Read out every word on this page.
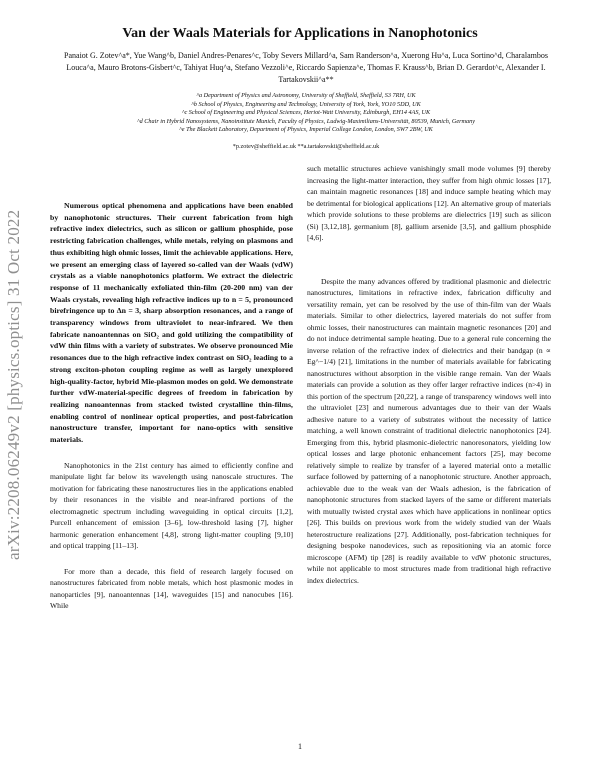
arXiv:2208.06249v2 [physics.optics] 31 Oct 2022
Van der Waals Materials for Applications in Nanophotonics

Panaiot G. Zotev^a*, Yue Wang^b, Daniel Andres-Penares^c, Toby Severs Millard^a, Sam Randerson^a, Xuerong Hu^a, Luca Sortino^d, Charalambos Louca^a, Mauro Brotons-Gisbert^c, Tahiyat Huq^a, Stefano Vezzoli^e, Riccardo Sapienza^e, Thomas F. Krauss^b, Brian D. Gerardot^c, Alexander I. Tartakovskii^a**

^a Department of Physics and Astronomy, University of Sheffield, Sheffield, S3 7RH, UK
^b School of Physics, Engineering and Technology, University of York, York, YO10 5DD, UK
^c School of Engineering and Physical Sciences, Heriot-Watt University, Edinburgh, EH14 4AS, UK
^d Chair in Hybrid Nanosystems, Nanoinstitute Munich, Faculty of Physics, Ludwig-Maximilians-Universität, 80539, Munich, Germany
^e The Blackett Laboratory, Department of Physics, Imperial College London, London, SW7 2BW, UK

*p.zotev@sheffield.ac.uk **a.tartakovskii@sheffield.ac.uk

Numerous optical phenomena and applications have been enabled by nanophotonic structures. Their current fabrication from high refractive index dielectrics, such as silicon or gallium phosphide, pose restricting fabrication challenges, while metals, relying on plasmons and thus exhibiting high ohmic losses, limit the achievable applications. Here, we present an emerging class of layered so-called van der Waals (vdW) crystals as a viable nanophotonics platform. We extract the dielectric response of 11 mechanically exfoliated thin-film (20-200 nm) van der Waals crystals, revealing high refractive indices up to n = 5, pronounced birefringence up to Δn = 3, sharp absorption resonances, and a range of transparency windows from ultraviolet to near-infrared. We then fabricate nanoantennas on SiO₂ and gold utilizing the compatibility of vdW thin films with a variety of substrates. We observe pronounced Mie resonances due to the high refractive index contrast on SiO₂ leading to a strong exciton-photon coupling regime as well as largely unexplored high-quality-factor, hybrid Mie-plasmon modes on gold. We demonstrate further vdW-material-specific degrees of freedom in fabrication by realizing nanoantennas from stacked twisted crystalline thin-films, enabling control of nonlinear optical properties, and post-fabrication nanostructure transfer, important for nano-optics with sensitive materials.

Nanophotonics in the 21st century has aimed to efficiently confine and manipulate light far below its wavelength using nanoscale structures. The motivation for fabricating these nanostructures lies in the applications enabled by their resonances in the visible and near-infrared portions of the electromagnetic spectrum including waveguiding in optical circuits [1,2], Purcell enhancement of emission [3–6], low-threshold lasing [7], higher harmonic generation enhancement [4,8], strong light-matter coupling [9,10] and optical trapping [11–13].

For more than a decade, this field of research largely focused on nanostructures fabricated from noble metals, which host plasmonic modes in nanoparticles [9], nanoantennas [14], waveguides [15] and nanocubes [16]. While

such metallic structures achieve vanishingly small mode volumes [9] thereby increasing the light-matter interaction, they suffer from high ohmic losses [17], can maintain magnetic resonances [18] and induce sample heating which may be detrimental for biological applications [12]. An alternative group of materials which provide solutions to these problems are dielectrics [19] such as silicon (Si) [3,12,18], germanium [8], gallium arsenide [3,5], and gallium phosphide [4,6].

Despite the many advances offered by traditional plasmonic and dielectric nanostructures, limitations in refractive index, fabrication difficulty and versatility remain, yet can be resolved by the use of thin-film van der Waals materials. Similar to other dielectrics, layered materials do not suffer from ohmic losses, their nanostructures can maintain magnetic resonances [20] and do not induce detrimental sample heating. Due to a general rule concerning the inverse relation of the refractive index of dielectrics and their bandgap (n ∝ Eg^−1/4) [21], limitations in the number of materials available for fabricating nanostructures without absorption in the visible range remain. Van der Waals materials can provide a solution as they offer larger refractive indices (n>4) in this portion of the spectrum [20,22], a range of transparency windows well into the ultraviolet [23] and numerous advantages due to their van der Waals adhesive nature to a variety of substrates without the necessity of lattice matching, a well known constraint of traditional dielectric nanophotonics [24]. Emerging from this, hybrid plasmonic-dielectric nanoresonators, yielding low optical losses and large photonic enhancement factors [25], may become relatively simple to realize by transfer of a layered material onto a metallic surface followed by patterning of a nanophotonic structure. Another approach, achievable due to the weak van der Waals adhesion, is the fabrication of nanophotonic structures from stacked layers of the same or different materials with mutually twisted crystal axes which have applications in nonlinear optics [26]. This builds on previous work from the widely studied van der Waals heterostructure realizations [27]. Additionally, post-fabrication techniques for designing bespoke nanodevices, such as repositioning via an atomic force microscope (AFM) tip [28] is readily available to vdW photonic structures, while not applicable to most structures made from traditional high refractive index dielectrics.

1
